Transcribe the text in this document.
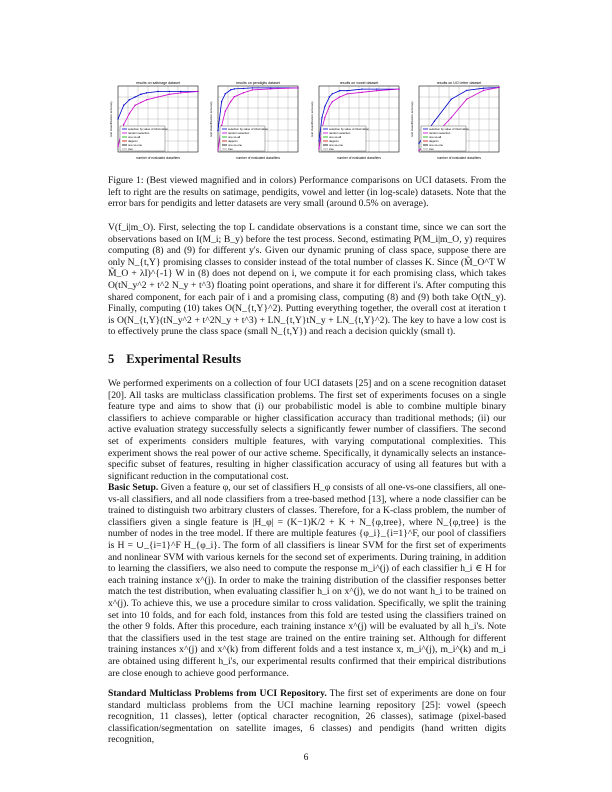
results on satimage dataset
selection by value of information
random selection
one-vs-all
dagsvm
one-vs-one
tree
number of evaluated classifiers
test classification accuracy
results on pendigits dataset
selection by value of information
random selection
one-vs-all
dagsvm
one-vs-one
tree
number of evaluated classifiers
test classification accuracy
results on vowel dataset
selection by value of information
random selection
one-vs-all
dagsvm
one-vs-one
tree
number of evaluated classifiers
test classification accuracy
results on UCI letter dataset
selection by value of information
random selection
one-vs-all
dagsvm
one-vs-one
tree
number of evaluated classifiers
test classification accuracy
Figure 1: (Best viewed magnified and in colors) Performance comparisons on UCI datasets. From the left to right are the results on satimage, pendigits, vowel and letter (in log-scale) datasets. Note that the error bars for pendigits and letter datasets are very small (around 0.5% on average).

V(f_i|m_O). First, selecting the top L candidate observations is a constant time, since we can sort the observations based on I(M_i; B_y) before the test process. Second, estimating P(M_i|m_O, y) requires computing (8) and (9) for different y's. Given our dynamic pruning of class space, suppose there are only N_{t,Y} promising classes to consider instead of the total number of classes K. Since (M̃_O^T W M̃_O + λI)^{-1} W in (8) does not depend on i, we compute it for each promising class, which takes O(tN_y^2 + t^2 N_y + t^3) floating point operations, and share it for different i's. After computing this shared component, for each pair of i and a promising class, computing (8) and (9) both take O(tN_y). Finally, computing (10) takes O(N_{t,Y}^2). Putting everything together, the overall cost at iteration t is O(N_{t,Y}(tN_y^2 + t^2N_y + t^3) + LN_{t,Y}tN_y + LN_{t,Y}^2). The key to have a low cost is to effectively prune the class space (small N_{t,Y}) and reach a decision quickly (small t).

5 Experimental Results

We performed experiments on a collection of four UCI datasets [25] and on a scene recognition dataset [20]. All tasks are multiclass classification problems. The first set of experiments focuses on a single feature type and aims to show that (i) our probabilistic model is able to combine multiple binary classifiers to achieve comparable or higher classification accuracy than traditional methods; (ii) our active evaluation strategy successfully selects a significantly fewer number of classifiers. The second set of experiments considers multiple features, with varying computational complexities. This experiment shows the real power of our active scheme. Specifically, it dynamically selects an instance-specific subset of features, resulting in higher classification accuracy of using all features but with a significant reduction in the computational cost.

Basic Setup. Given a feature φ, our set of classifiers H_φ consists of all one-vs-one classifiers, all one-vs-all classifiers, and all node classifiers from a tree-based method [13], where a node classifier can be trained to distinguish two arbitrary clusters of classes. Therefore, for a K-class problem, the number of classifiers given a single feature is |H_φ| = (K−1)K/2 + K + N_{φ,tree}, where N_{φ,tree} is the number of nodes in the tree model. If there are multiple features {φ_i}_{i=1}^F, our pool of classifiers is H = ∪_{i=1}^F H_{φ_i}. The form of all classifiers is linear SVM for the first set of experiments and nonlinear SVM with various kernels for the second set of experiments. During training, in addition to learning the classifiers, we also need to compute the response m_i^(j) of each classifier h_i ∈ H for each training instance x^(j). In order to make the training distribution of the classifier responses better match the test distribution, when evaluating classifier h_i on x^(j), we do not want h_i to be trained on x^(j). To achieve this, we use a procedure similar to cross validation. Specifically, we split the training set into 10 folds, and for each fold, instances from this fold are tested using the classifiers trained on the other 9 folds. After this procedure, each training instance x^(j) will be evaluated by all h_i's. Note that the classifiers used in the test stage are trained on the entire training set. Although for different training instances x^(j) and x^(k) from different folds and a test instance x, m_i^(j), m_i^(k) and m_i are obtained using different h_i's, our experimental results confirmed that their empirical distributions are close enough to achieve good performance.

Standard Multiclass Problems from UCI Repository. The first set of experiments are done on four standard multiclass problems from the UCI machine learning repository [25]: vowel (speech recognition, 11 classes), letter (optical character recognition, 26 classes), satimage (pixel-based classification/segmentation on satellite images, 6 classes) and pendigits (hand written digits recognition,

6
